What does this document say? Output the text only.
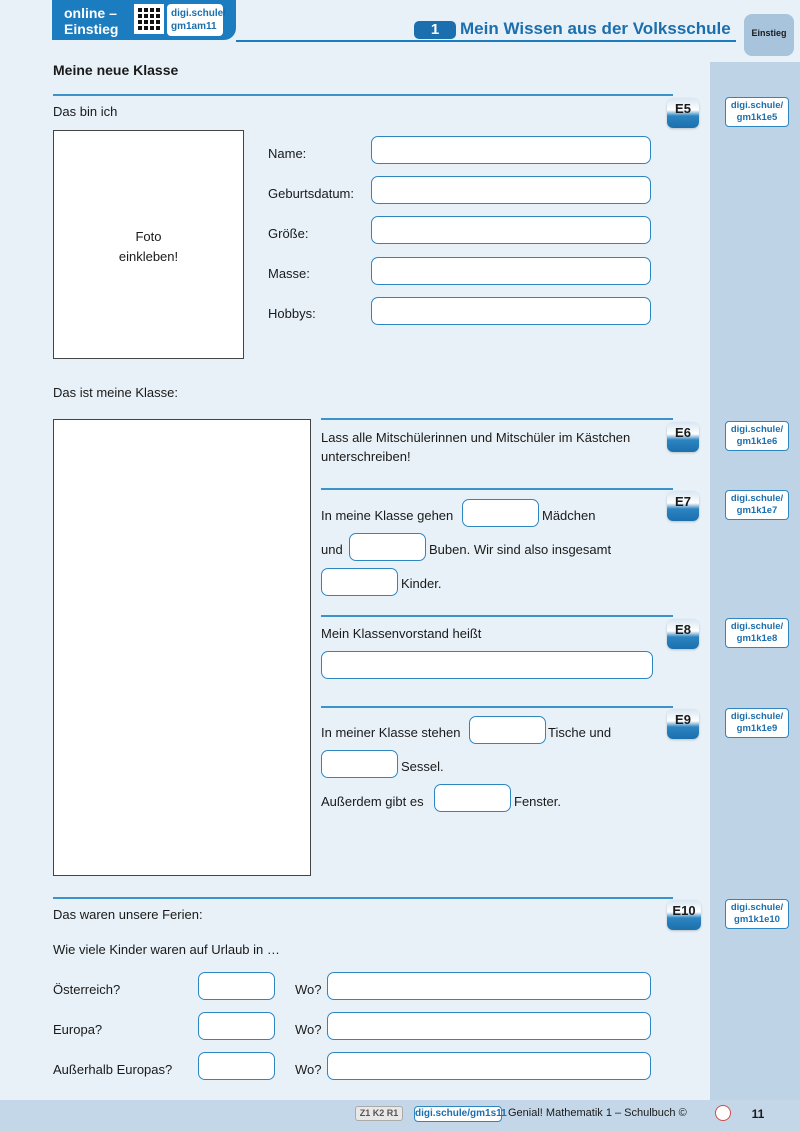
online –
Einstieg
digi.schule/
gm1am11	1	Mein Wissen aus der Volksschule	Einstieg
Meine neue Klasse
Das bin ich	E5	digi.schule/
gm1k1e5
Foto
einkleben!
Name:
Geburtsdatum:
Größe:
Masse:
Hobbys:
Das ist meine Klasse:
Lass alle Mitschülerinnen und Mitschüler im Kästchen
unterschreiben!
E6	digi.schule/
gm1k1e6
E7	digi.schule/
gm1k1e7
In meine Klasse gehen	Mädchen
und	Buben. Wir sind also insgesamt
Kinder.
Mein Klassenvorstand heißt	E8	digi.schule/
gm1k1e8
E9	digi.schule/
gm1k1e9
In meiner Klasse stehen	Tische und
Sessel.
Außerdem gibt es	Fenster.
Das waren unsere Ferien:	E10	digi.schule/
gm1k1e10
Wie viele Kinder waren auf Urlaub in …
Österreich?	Wo?
Europa?	Wo?
Außerhalb Europas?	Wo?
Z1 K2 R1	digi.schule/gm1s11 Genial! Mathematik 1 – Schulbuch ©	11
